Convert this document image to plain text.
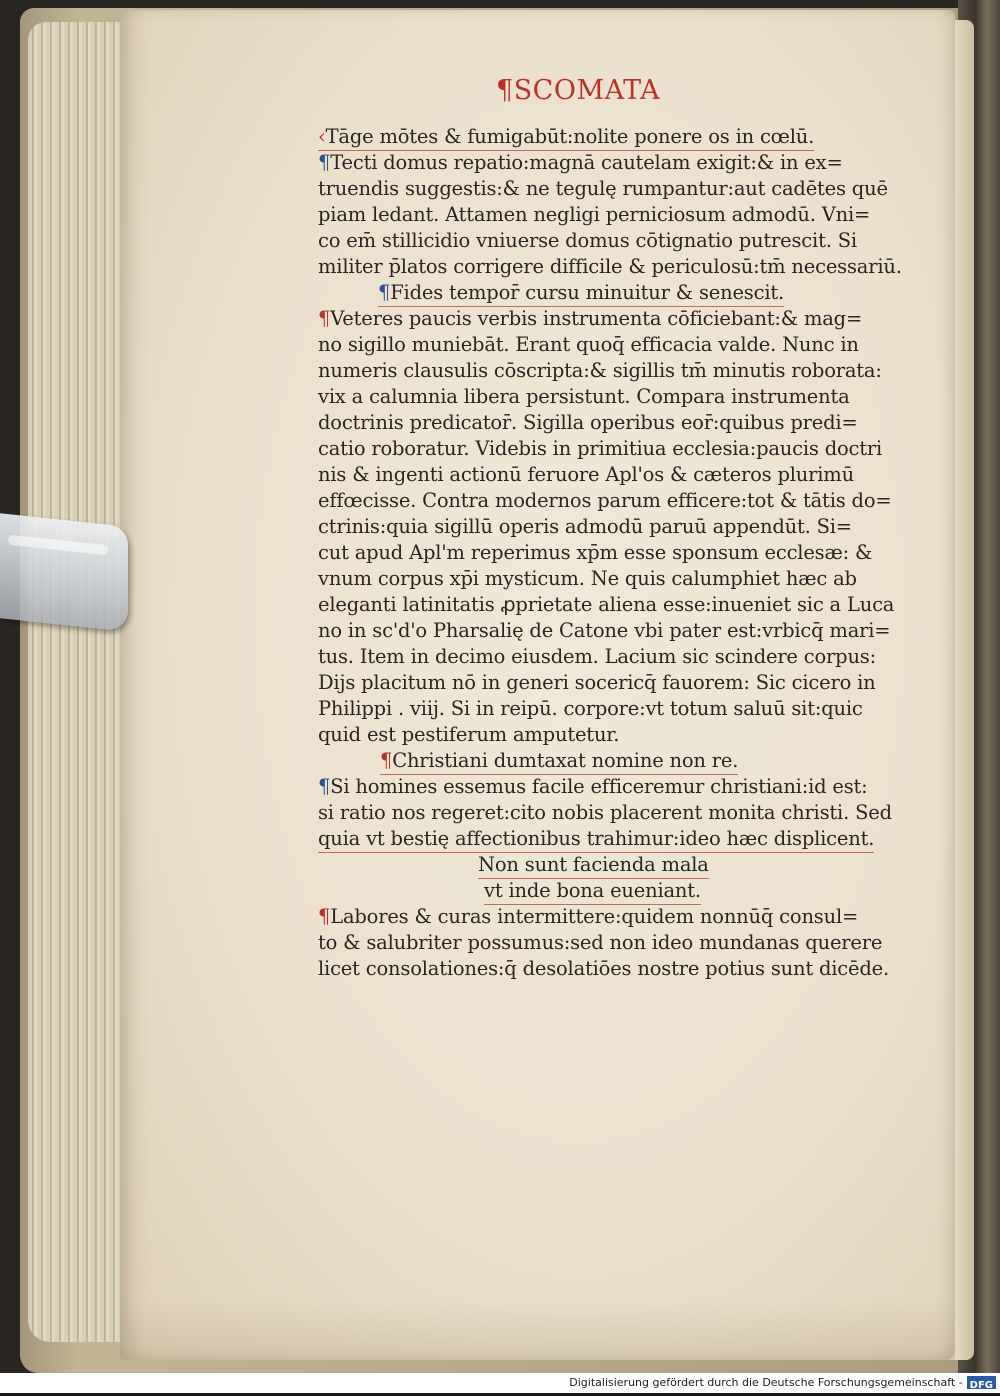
¶SCOMATA
‹Tāge mōtes & fumigabūt:nolite ponere os in cœlū.
¶Tecti domus repatio:magnā cautelam exigit:& in ex=
truendis suggestis:& ne tegulę rumpantur:aut cadētes quē
piam ledant. Attamen negligi perniciosum admodū. Vni=
co em̄ stillicidio vniuerse domus cōtignatio putrescit. Si
militer p̄latos corrigere difficile & periculosū:tm̄ necessariū.
¶Fides tempor̄ cursu minuitur & senescit.
¶Veteres paucis verbis instrumenta cōficiebant:& mag=
no sigillo muniebāt. Erant quoq̄ efficacia valde. Nunc in
numeris clausulis cōscripta:& sigillis tm̄ minutis roborata:
vix a calumnia libera persistunt. Compara instrumenta
doctrinis predicator̄. Sigilla operibus eor̄:quibus predi=
catio roboratur. Videbis in primitiua ecclesia:paucis doctri
nis & ingenti actionū feruore Apl'os & cæteros plurimū
effœcisse. Contra modernos parum efficere:tot & tātis do=
ctrinis:quia sigillū operis admodū paruū appendūt. Si=
cut apud Apl'm reperimus xp̄m esse sponsum ecclesæ: &
vnum corpus xp̄i mysticum. Ne quis calumphiet hæc ab
eleganti latinitatis ꝓprietate aliena esse:inueniet sic a Luca
no in sc'd'o Pharsalię de Catone vbi pater est:vrbicq̄ mari=
tus. Item in decimo eiusdem. Lacium sic scindere corpus:
Dijs placitum nō in generi socericq̄ fauorem: Sic cicero in
Philippi . viij. Si in reipū. corpore:vt totum saluū sit:quic
quid est pestiferum amputetur.
¶Christiani dumtaxat nomine non re.
¶Si homines essemus facile efficeremur christiani:id est:
si ratio nos regeret:cito nobis placerent monita christi. Sed
quia vt bestię affectionibus trahimur:ideo hæc displicent.
Non sunt facienda mala
vt inde bona eueniant.
¶Labores & curas intermittere:quidem nonnūq̄ consul=
to & salubriter possumus:sed non ideo mundanas querere
licet consolationes:q̄ desolatiōes nostre potius sunt dicēde.
Digitalisierung gefördert durch die Deutsche Forschungsgemeinschaft - DFG
